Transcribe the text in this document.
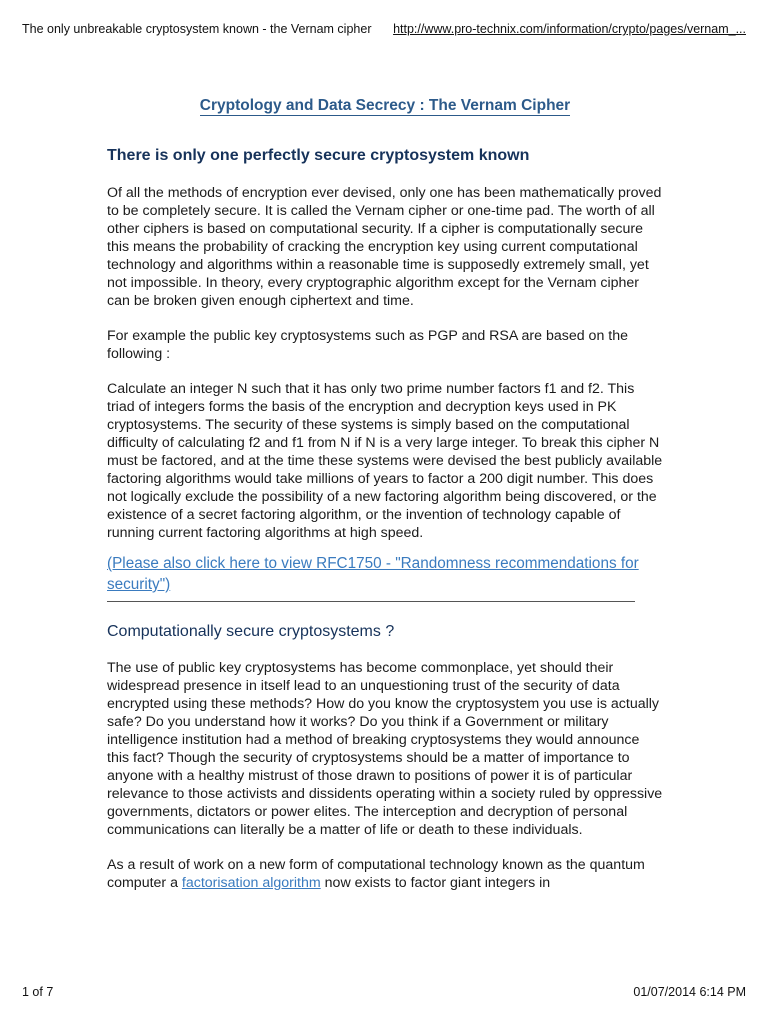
The only unbreakable cryptosystem known - the Vernam cipher http://www.pro-technix.com/information/crypto/pages/vernam_...
Cryptology and Data Secrecy : The Vernam Cipher
There is only one perfectly secure cryptosystem known

Of all the methods of encryption ever devised, only one has been mathematically proved to be completely secure. It is called the Vernam cipher or one-time pad. The worth of all other ciphers is based on computational security. If a cipher is computationally secure this means the probability of cracking the encryption key using current computational technology and algorithms within a reasonable time is supposedly extremely small, yet not impossible. In theory, every cryptographic algorithm except for the Vernam cipher can be broken given enough ciphertext and time.

For example the public key cryptosystems such as PGP and RSA are based on the following :

Calculate an integer N such that it has only two prime number factors f1 and f2. This triad of integers forms the basis of the encryption and decryption keys used in PK cryptosystems. The security of these systems is simply based on the computational difficulty of calculating f2 and f1 from N if N is a very large integer. To break this cipher N must be factored, and at the time these systems were devised the best publicly available factoring algorithms would take millions of years to factor a 200 digit number. This does not logically exclude the possibility of a new factoring algorithm being discovered, or the existence of a secret factoring algorithm, or the invention of technology capable of running current factoring algorithms at high speed.

(Please also click here to view RFC1750 - "Randomness recommendations for security")
Computationally secure cryptosystems ?

The use of public key cryptosystems has become commonplace, yet should their widespread presence in itself lead to an unquestioning trust of the security of data encrypted using these methods? How do you know the cryptosystem you use is actually safe? Do you understand how it works? Do you think if a Government or military intelligence institution had a method of breaking cryptosystems they would announce this fact? Though the security of cryptosystems should be a matter of importance to anyone with a healthy mistrust of those drawn to positions of power it is of particular relevance to those activists and dissidents operating within a society ruled by oppressive governments, dictators or power elites. The interception and decryption of personal communications can literally be a matter of life or death to these individuals.

As a result of work on a new form of computational technology known as the quantum computer a factorisation algorithm now exists to factor giant integers in

1 of 7	01/07/2014 6:14 PM
